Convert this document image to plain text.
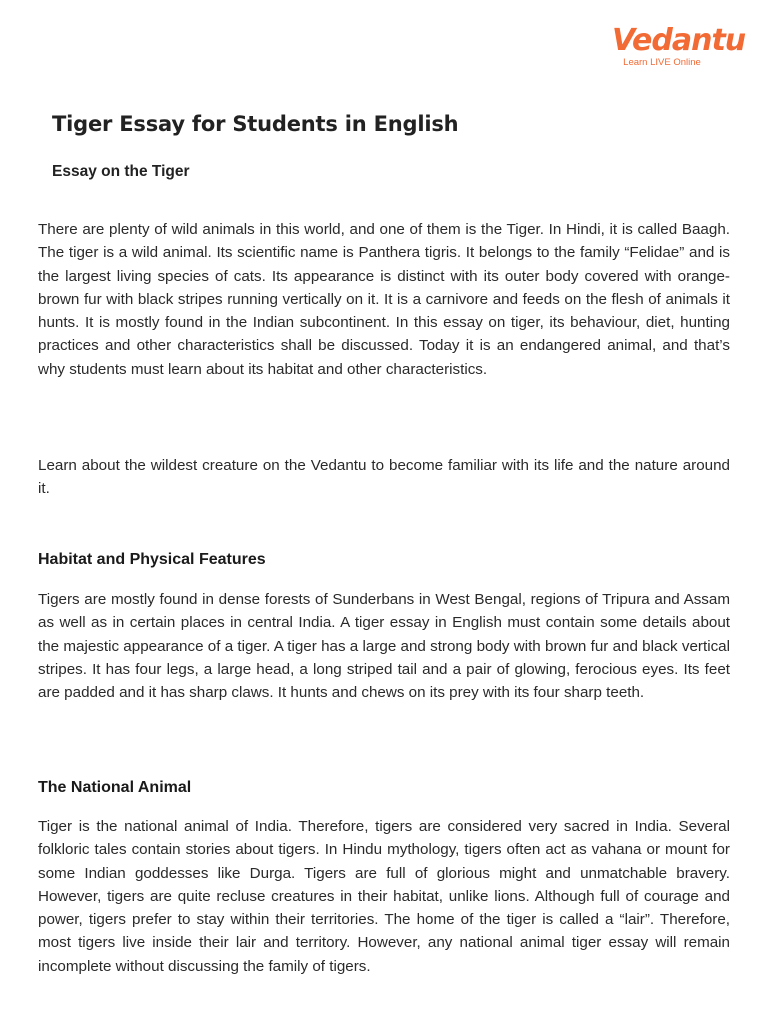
Vedantu
Learn LIVE Online
Tiger Essay for Students in English
Essay on the Tiger

There are plenty of wild animals in this world, and one of them is the Tiger. In Hindi, it is called Baagh. The tiger is a wild animal. Its scientific name is Panthera tigris. It belongs to the family “Felidae” and is the largest living species of cats. Its appearance is distinct with its outer body covered with orange-brown fur with black stripes running vertically on it. It is a carnivore and feeds on the flesh of animals it hunts. It is mostly found in the Indian subcontinent. In this essay on tiger, its behaviour, diet, hunting practices and other characteristics shall be discussed. Today it is an endangered animal, and that’s why students must learn about its habitat and other characteristics.

Learn about the wildest creature on the Vedantu to become familiar with its life and the nature around it.

Habitat and Physical Features

Tigers are mostly found in dense forests of Sunderbans in West Bengal, regions of Tripura and Assam as well as in certain places in central India. A tiger essay in English must contain some details about the majestic appearance of a tiger. A tiger has a large and strong body with brown fur and black vertical stripes. It has four legs, a large head, a long striped tail and a pair of glowing, ferocious eyes. Its feet are padded and it has sharp claws. It hunts and chews on its prey with its four sharp teeth.

The National Animal

Tiger is the national animal of India. Therefore, tigers are considered very sacred in India. Several folkloric tales contain stories about tigers. In Hindu mythology, tigers often act as vahana or mount for some Indian goddesses like Durga. Tigers are full of glorious might and unmatchable bravery. However, tigers are quite recluse creatures in their habitat, unlike lions. Although full of courage and power, tigers prefer to stay within their territories. The home of the tiger is called a “lair”. Therefore, most tigers live inside their lair and territory. However, any national animal tiger essay will remain incomplete without discussing the family of tigers.
